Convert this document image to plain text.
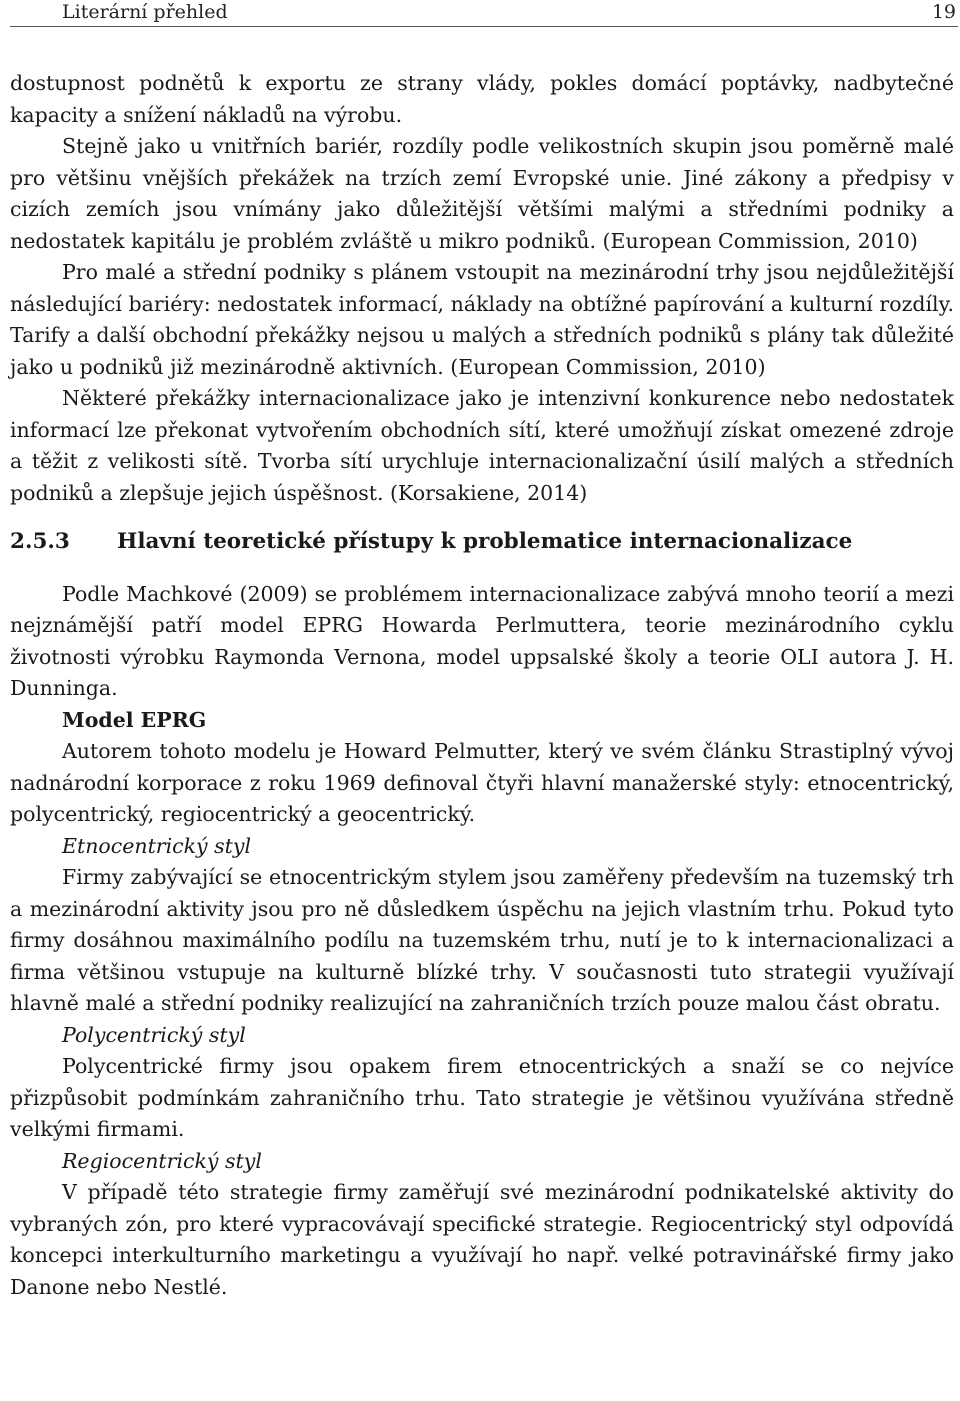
Literární přehled	19

dostupnost podnětů k exportu ze strany vlády, pokles domácí poptávky, nadbytečné kapacity a snížení nákladů na výrobu.

Stejně jako u vnitřních bariér, rozdíly podle velikostních skupin jsou poměrně malé pro většinu vnějších překážek na trzích zemí Evropské unie. Jiné zákony a předpisy v cizích zemích jsou vnímány jako důležitější většími malými a středními podniky a nedostatek kapitálu je problém zvláště u mikro podniků. (European Commission, 2010)

Pro malé a střední podniky s plánem vstoupit na mezinárodní trhy jsou nejdůležitější následující bariéry: nedostatek informací, náklady na obtížné papírování a kulturní rozdíly. Tarify a další obchodní překážky nejsou u malých a středních podniků s plány tak důležité jako u podniků již mezinárodně aktivních. (European Commission, 2010)

Některé překážky internacionalizace jako je intenzivní konkurence nebo nedostatek informací lze překonat vytvořením obchodních sítí, které umožňují získat omezené zdroje a těžit z velikosti sítě. Tvorba sítí urychluje internacionalizační úsilí malých a středních podniků a zlepšuje jejich úspěšnost. (Korsakiene, 2014)

2.5.3 Hlavní teoretické přístupy k problematice internacionalizace

Podle Machkové (2009) se problémem internacionalizace zabývá mnoho teorií a mezi nejznámější patří model EPRG Howarda Perlmuttera, teorie mezinárodního cyklu životnosti výrobku Raymonda Vernona, model uppsalské školy a teorie OLI autora J. H. Dunninga.

Model EPRG

Autorem tohoto modelu je Howard Pelmutter, který ve svém článku Strastiplný vývoj nadnárodní korporace z roku 1969 definoval čtyři hlavní manažerské styly: etnocentrický, polycentrický, regiocentrický a geocentrický.

Etnocentrický styl

Firmy zabývající se etnocentrickým stylem jsou zaměřeny především na tuzemský trh a mezinárodní aktivity jsou pro ně důsledkem úspěchu na jejich vlastním trhu. Pokud tyto firmy dosáhnou maximálního podílu na tuzemském trhu, nutí je to k internacionalizaci a firma většinou vstupuje na kulturně blízké trhy. V současnosti tuto strategii využívají hlavně malé a střední podniky realizující na zahraničních trzích pouze malou část obratu.

Polycentrický styl

Polycentrické firmy jsou opakem firem etnocentrických a snaží se co nejvíce přizpůsobit podmínkám zahraničního trhu. Tato strategie je většinou využívána středně velkými firmami.

Regiocentrický styl

V případě této strategie firmy zaměřují své mezinárodní podnikatelské aktivity do vybraných zón, pro které vypracovávají specifické strategie. Regiocentrický styl odpovídá koncepci interkulturního marketingu a využívají ho např. velké potravinářské firmy jako Danone nebo Nestlé.
